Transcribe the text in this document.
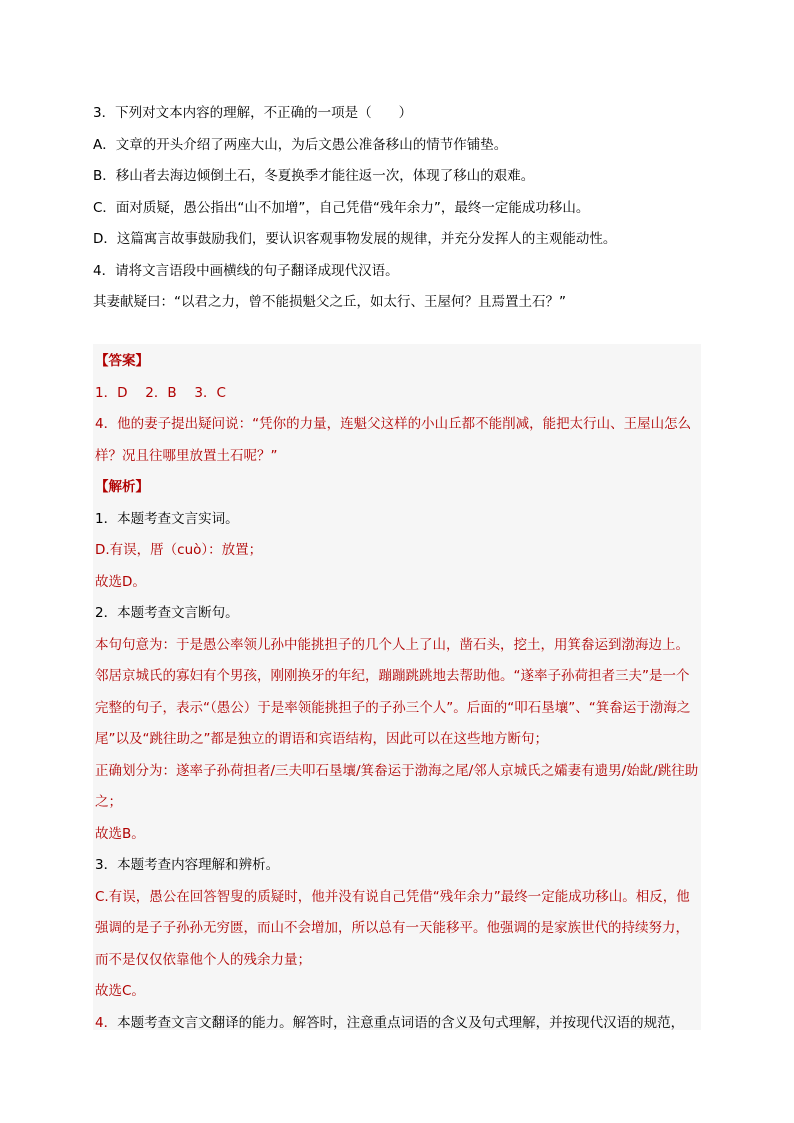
3．下列对文本内容的理解，不正确的一项是（　　）
A．文章的开头介绍了两座大山，为后文愚公准备移山的情节作铺垫。
B．移山者去海边倾倒土石，冬夏换季才能往返一次，体现了移山的艰难。
C．面对质疑，愚公指出“山不加增”，自己凭借“残年余力”，最终一定能成功移山。
D．这篇寓言故事鼓励我们，要认识客观事物发展的规律，并充分发挥人的主观能动性。
4．请将文言语段中画横线的句子翻译成现代汉语。
其妻献疑曰：“以君之力，曾不能损魁父之丘，如太行、王屋何？且焉置土石？”
【答案】
1．D　 2．B　 3．C
4．他的妻子提出疑问说：“凭你的力量，连魁父这样的小山丘都不能削减，能把太行山、王屋山怎么样？况且往哪里放置土石呢？”
【解析】
1．本题考查文言实词。
D.有误，厝（cuò）：放置；
故选D。
2．本题考查文言断句。
本句句意为：于是愚公率领儿孙中能挑担子的几个人上了山，凿石头，挖土，用箕畚运到渤海边上。邻居京城氏的寡妇有个男孩，刚刚换牙的年纪，蹦蹦跳跳地去帮助他。“遂率子孙荷担者三夫”是一个完整的句子，表示“（愚公）于是率领能挑担子的子孙三个人”。后面的“叩石垦壤”、“箕畚运于渤海之尾”以及“跳往助之”都是独立的谓语和宾语结构，因此可以在这些地方断句；
正确划分为：遂率子孙荷担者/三夫叩石垦壤/箕畚运于渤海之尾/邻人京城氏之孀妻有遗男/始龀/跳往助之；
故选B。
3．本题考查内容理解和辨析。
C.有误，愚公在回答智叟的质疑时，他并没有说自己凭借“残年余力”最终一定能成功移山。相反，他强调的是子子孙孙无穷匮，而山不会增加，所以总有一天能移平。他强调的是家族世代的持续努力，而不是仅仅依靠他个人的残余力量；
故选C。
4．本题考查文言文翻译的能力。解答时，注意重点词语的含义及句式理解，并按现代汉语的规范，
